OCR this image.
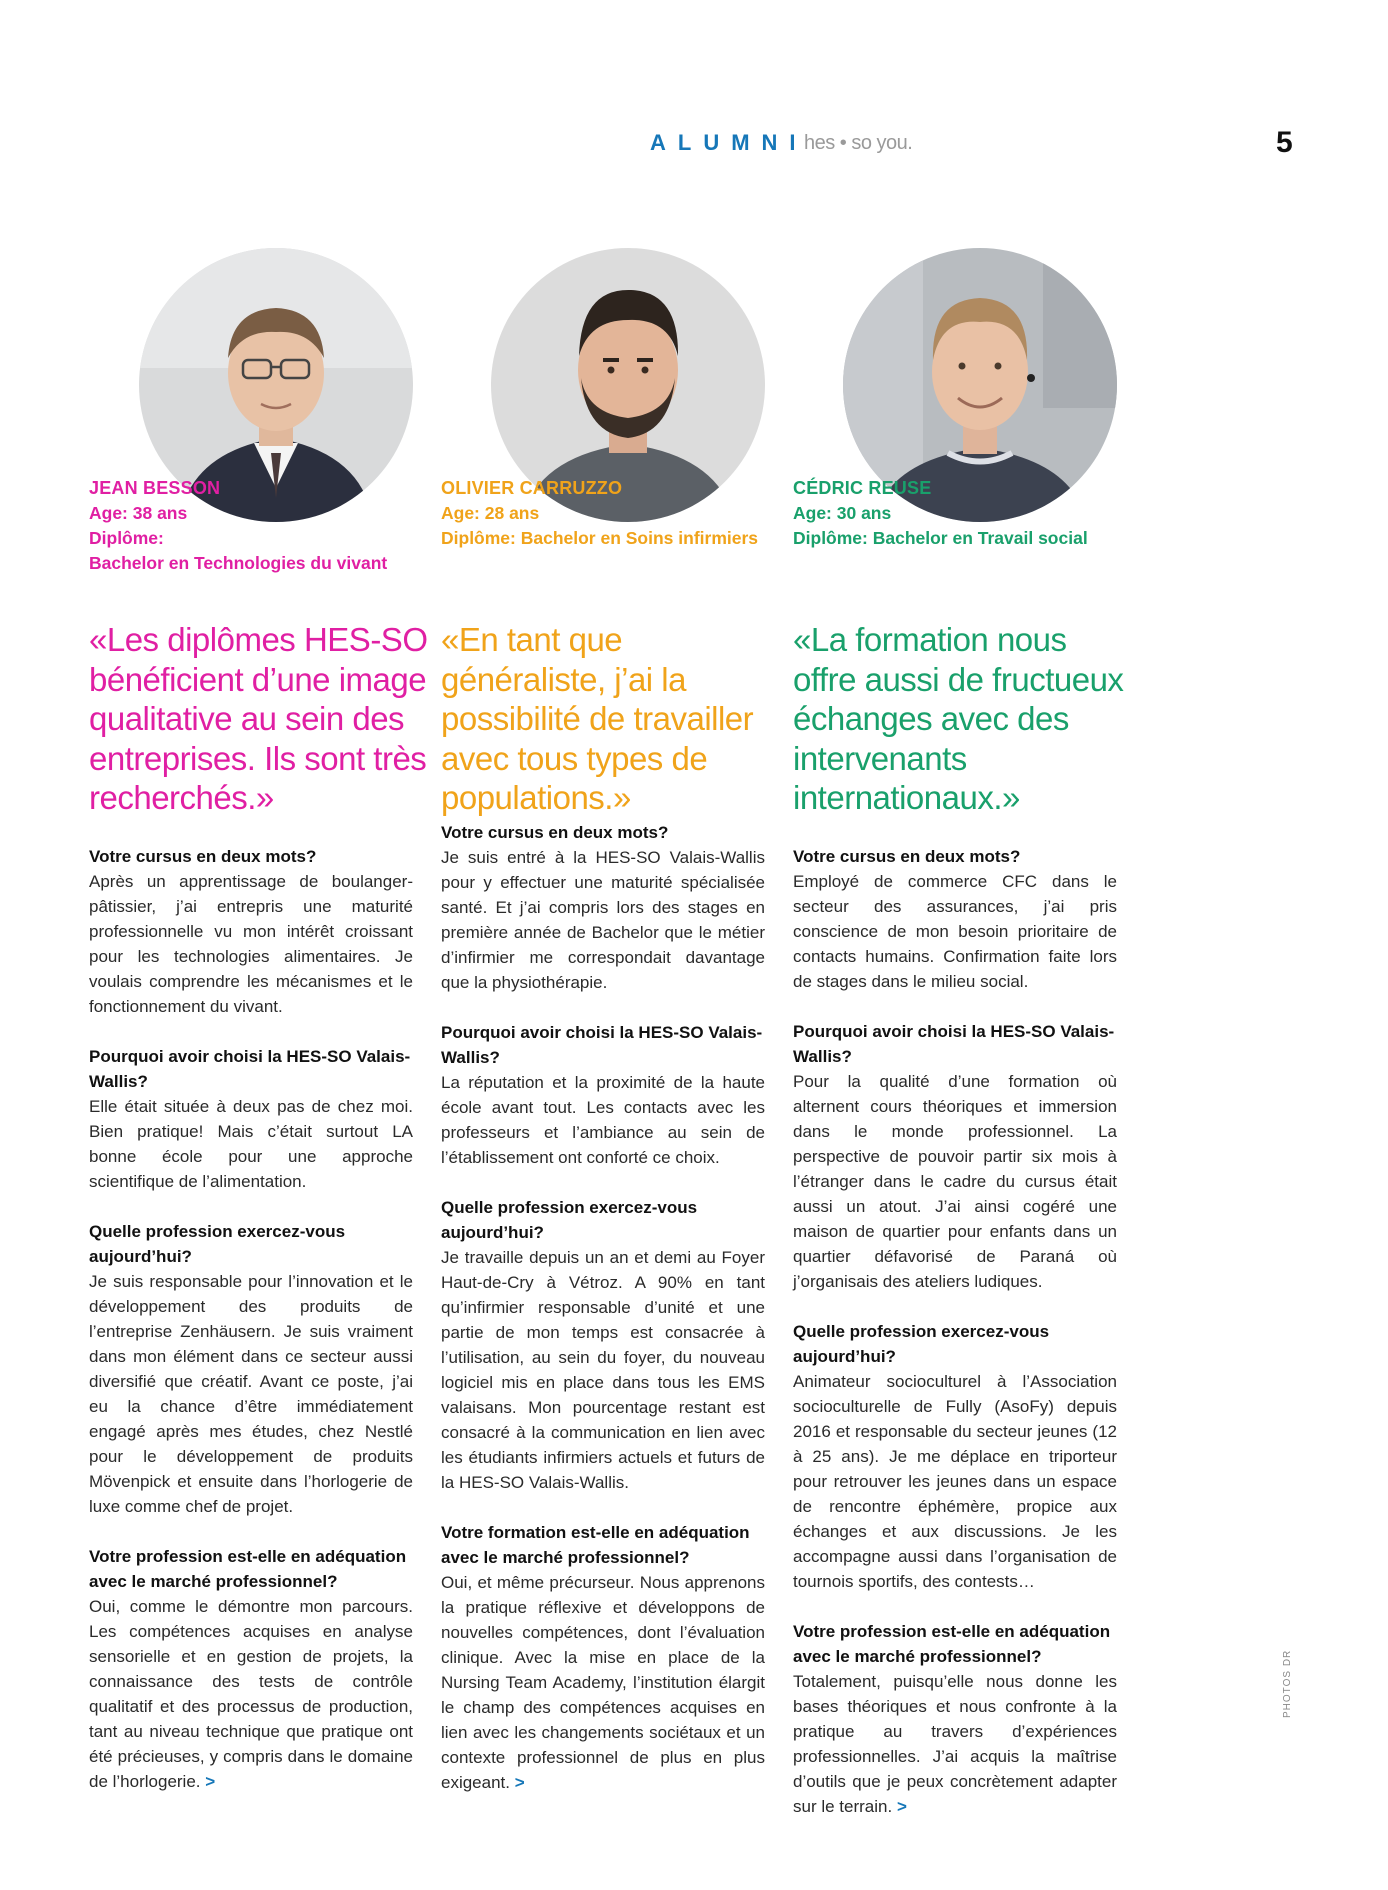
ALUMNI
hes • so you.	5
JEAN BESSON
Age: 38 ans
Diplôme:
Bachelor en Technologies du vivant
«Les diplômes HES-SO bénéficient d’une image qualitative au sein des entreprises. Ils sont très recherchés.»
Votre cursus en deux mots?
Après un apprentissage de boulanger-pâtissier, j’ai entrepris une maturité professionnelle vu mon intérêt croissant pour les technologies alimentaires. Je voulais comprendre les mécanismes et le fonctionnement du vivant.
Pourquoi avoir choisi la HES-SO Valais-Wallis?
Elle était située à deux pas de chez moi. Bien pratique! Mais c’était surtout LA bonne école pour une approche scientifique de l’alimentation.
Quelle profession exercez-vous aujourd’hui?
Je suis responsable pour l’innovation et le développement des produits de l’entreprise Zenhäusern. Je suis vraiment dans mon élément dans ce secteur aussi diversifié que créatif. Avant ce poste, j’ai eu la chance d’être immédiatement engagé après mes études, chez Nestlé pour le développement de produits Mövenpick et ensuite dans l’horlogerie de luxe comme chef de projet.
Votre profession est-elle en adéquation avec le marché professionnel?
Oui, comme le démontre mon parcours. Les compétences acquises en analyse sensorielle et en gestion de projets, la connaissance des tests de contrôle qualitatif et des processus de production, tant au niveau technique que pratique ont été précieuses, y compris dans le domaine de l’horlogerie. >
OLIVIER CARRUZZO
Age: 28 ans
Diplôme: Bachelor en Soins infirmiers
«En tant que généraliste, j’ai la possibilité de travailler avec tous types de populations.»
Votre cursus en deux mots?
Je suis entré à la HES-SO Valais-Wallis pour y effectuer une maturité spécialisée santé. Et j’ai compris lors des stages en première année de Bachelor que le métier d’infirmier me correspondait davantage que la physiothérapie.
Pourquoi avoir choisi la HES-SO Valais-Wallis?
La réputation et la proximité de la haute école avant tout. Les contacts avec les professeurs et l’ambiance au sein de l’établissement ont conforté ce choix.
Quelle profession exercez-vous aujourd’hui?
Je travaille depuis un an et demi au Foyer Haut-de-Cry à Vétroz. A 90% en tant qu’infirmier responsable d’unité et une partie de mon temps est consacrée à l’utilisation, au sein du foyer, du nouveau logiciel mis en place dans tous les EMS valaisans. Mon pourcentage restant est consacré à la communication en lien avec les étudiants infirmiers actuels et futurs de la HES-SO Valais-Wallis.
Votre formation est-elle en adéquation avec le marché professionnel?
Oui, et même précurseur. Nous apprenons la pratique réflexive et développons de nouvelles compétences, dont l’évaluation clinique. Avec la mise en place de la Nursing Team Academy, l’institution élargit le champ des compétences acquises en lien avec les changements sociétaux et un contexte professionnel de plus en plus exigeant. >
CÉDRIC REUSE
Age: 30 ans
Diplôme: Bachelor en Travail social
«La formation nous offre aussi de fructueux échanges avec des intervenants internationaux.»
Votre cursus en deux mots?
Employé de commerce CFC dans le secteur des assurances, j’ai pris conscience de mon besoin prioritaire de contacts humains. Confirmation faite lors de stages dans le milieu social.
Pourquoi avoir choisi la HES-SO Valais-Wallis?
Pour la qualité d’une formation où alternent cours théoriques et immersion dans le monde professionnel. La perspective de pouvoir partir six mois à l’étranger dans le cadre du cursus était aussi un atout. J’ai ainsi cogéré une maison de quartier pour enfants dans un quartier défavorisé de Paraná où j’organisais des ateliers ludiques.
Quelle profession exercez-vous aujourd’hui?
Animateur socioculturel à l’Association socioculturelle de Fully (AsoFy) depuis 2016 et responsable du secteur jeunes (12 à 25 ans). Je me déplace en triporteur pour retrouver les jeunes dans un espace de rencontre éphémère, propice aux échanges et aux discussions. Je les accompagne aussi dans l’organisation de tournois sportifs, des contests…
Votre profession est-elle en adéquation avec le marché professionnel?
Totalement, puisqu’elle nous donne les bases théoriques et nous confronte à la pratique au travers d’expériences professionnelles. J’ai acquis la maîtrise d’outils que je peux concrètement adapter sur le terrain. >
PHOTOS DR
